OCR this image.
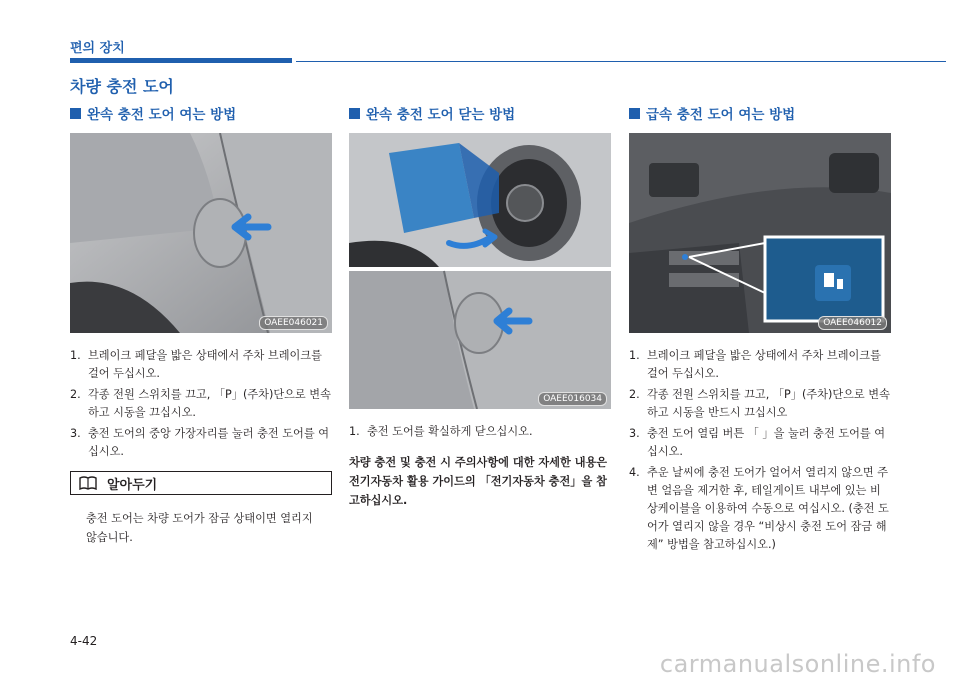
편의 장치
차량 충전 도어
완속 충전 도어 여는 방법
OAEE046021
1. 브레이크 페달을 밟은 상태에서 주차 브레이크를 걸어 두십시오.
2. 각종 전원 스위치를 끄고, 「P」(주차)단으로 변속하고 시동을 끄십시오.
3. 충전 도어의 중앙 가장자리를 눌러 충전 도어를 여십시오.
알아두기
충전 도어는 차량 도어가 잠금 상태이면 열리지 않습니다.
완속 충전 도어 닫는 방법
OAEE016034
1. 충전 도어를 확실하게 닫으십시오.
차량 충전 및 충전 시 주의사항에 대한 자세한 내용은 전기자동차 활용 가이드의 「전기자동차 충전」을 참고하십시오.
급속 충전 도어 여는 방법
OAEE046012
1. 브레이크 페달을 밟은 상태에서 주차 브레이크를 걸어 두십시오.
2. 각종 전원 스위치를 끄고, 「P」(주차)단으로 변속하고 시동을 반드시 끄십시오
3. 충전 도어 열림 버튼 「 」을 눌러 충전 도어를 여십시오.
4. 추운 날씨에 충전 도어가 얼어서 열리지 않으면 주변 얼음을 제거한 후, 테일게이트 내부에 있는 비상케이블을 이용하여 수동으로 여십시오. (충전 도어가 열리지 않을 경우 “비상시 충전 도어 잠금 해제” 방법을 참고하십시오.)
4-42
carmanualsonline.info
